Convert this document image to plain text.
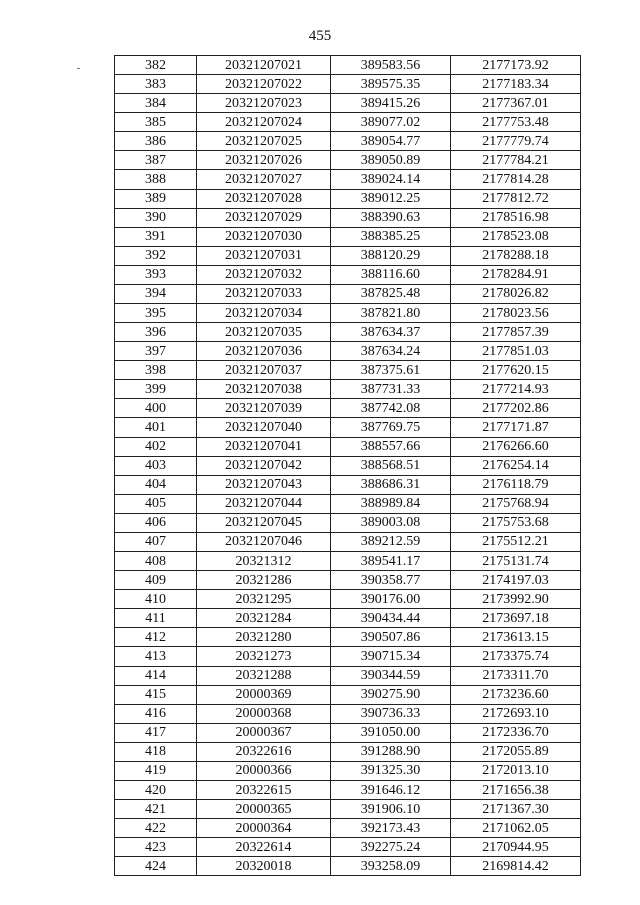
455
382	20321207021	389583.56	2177173.92
383	20321207022	389575.35	2177183.34
384	20321207023	389415.26	2177367.01
385	20321207024	389077.02	2177753.48
386	20321207025	389054.77	2177779.74
387	20321207026	389050.89	2177784.21
388	20321207027	389024.14	2177814.28
389	20321207028	389012.25	2177812.72
390	20321207029	388390.63	2178516.98
391	20321207030	388385.25	2178523.08
392	20321207031	388120.29	2178288.18
393	20321207032	388116.60	2178284.91
394	20321207033	387825.48	2178026.82
395	20321207034	387821.80	2178023.56
396	20321207035	387634.37	2177857.39
397	20321207036	387634.24	2177851.03
398	20321207037	387375.61	2177620.15
399	20321207038	387731.33	2177214.93
400	20321207039	387742.08	2177202.86
401	20321207040	387769.75	2177171.87
402	20321207041	388557.66	2176266.60
403	20321207042	388568.51	2176254.14
404	20321207043	388686.31	2176118.79
405	20321207044	388989.84	2175768.94
406	20321207045	389003.08	2175753.68
407	20321207046	389212.59	2175512.21
408	20321312	389541.17	2175131.74
409	20321286	390358.77	2174197.03
410	20321295	390176.00	2173992.90
411	20321284	390434.44	2173697.18
412	20321280	390507.86	2173613.15
413	20321273	390715.34	2173375.74
414	20321288	390344.59	2173311.70
415	20000369	390275.90	2173236.60
416	20000368	390736.33	2172693.10
417	20000367	391050.00	2172336.70
418	20322616	391288.90	2172055.89
419	20000366	391325.30	2172013.10
420	20322615	391646.12	2171656.38
421	20000365	391906.10	2171367.30
422	20000364	392173.43	2171062.05
423	20322614	392275.24	2170944.95
424	20320018	393258.09	2169814.42
